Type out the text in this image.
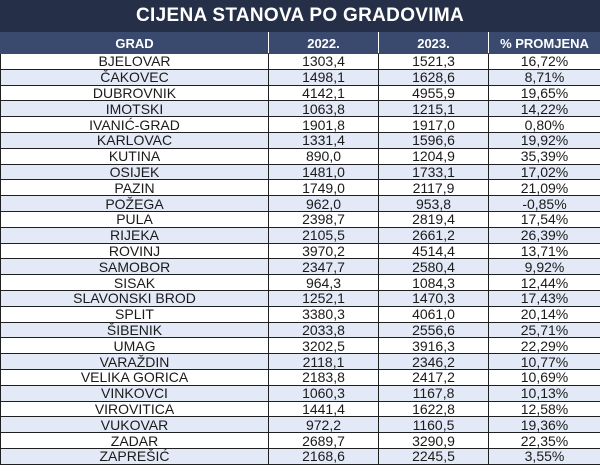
CIJENA STANOVA PO GRADOVIMA
GRAD	2022.	2023.	% PROMJENA
BJELOVAR	1303,4	1521,3	16,72%
ČAKOVEC	1498,1	1628,6	8,71%
DUBROVNIK	4142,1	4955,9	19,65%
IMOTSKI	1063,8	1215,1	14,22%
IVANIĆ-GRAD	1901,8	1917,0	0,80%
KARLOVAC	1331,4	1596,6	19,92%
KUTINA	890,0	1204,9	35,39%
OSIJEK	1481,0	1733,1	17,02%
PAZIN	1749,0	2117,9	21,09%
POŽEGA	962,0	953,8	-0,85%
PULA	2398,7	2819,4	17,54%
RIJEKA	2105,5	2661,2	26,39%
ROVINJ	3970,2	4514,4	13,71%
SAMOBOR	2347,7	2580,4	9,92%
SISAK	964,3	1084,3	12,44%
SLAVONSKI BROD	1252,1	1470,3	17,43%
SPLIT	3380,3	4061,0	20,14%
ŠIBENIK	2033,8	2556,6	25,71%
UMAG	3202,5	3916,3	22,29%
VARAŽDIN	2118,1	2346,2	10,77%
VELIKA GORICA	2183,8	2417,2	10,69%
VINKOVCI	1060,3	1167,8	10,13%
VIROVITICA	1441,4	1622,8	12,58%
VUKOVAR	972,2	1160,5	19,36%
ZADAR	2689,7	3290,9	22,35%
ZAPREŠIĆ	2168,6	2245,5	3,55%
